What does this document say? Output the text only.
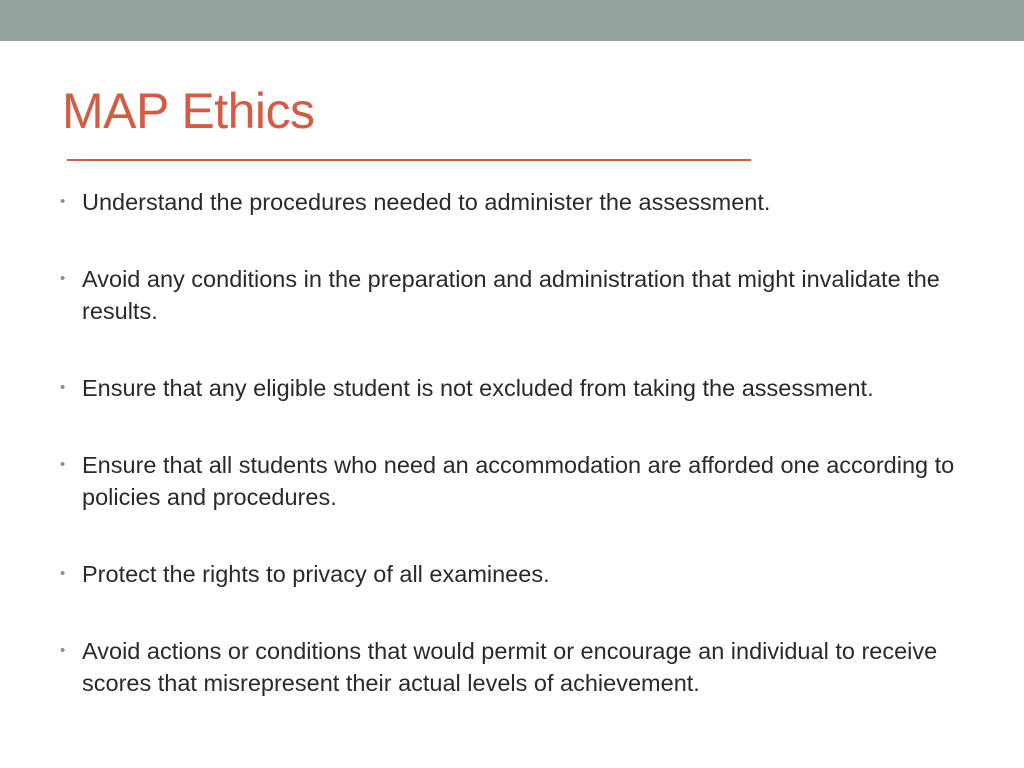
MAP Ethics
• Understand the procedures needed to administer the assessment.
• Avoid any conditions in the preparation and administration that might invalidate the results.
• Ensure that any eligible student is not excluded from taking the assessment.
• Ensure that all students who need an accommodation are afforded one according to policies and procedures.
• Protect the rights to privacy of all examinees.
• Avoid actions or conditions that would permit or encourage an individual to receive scores that misrepresent their actual levels of achievement.
